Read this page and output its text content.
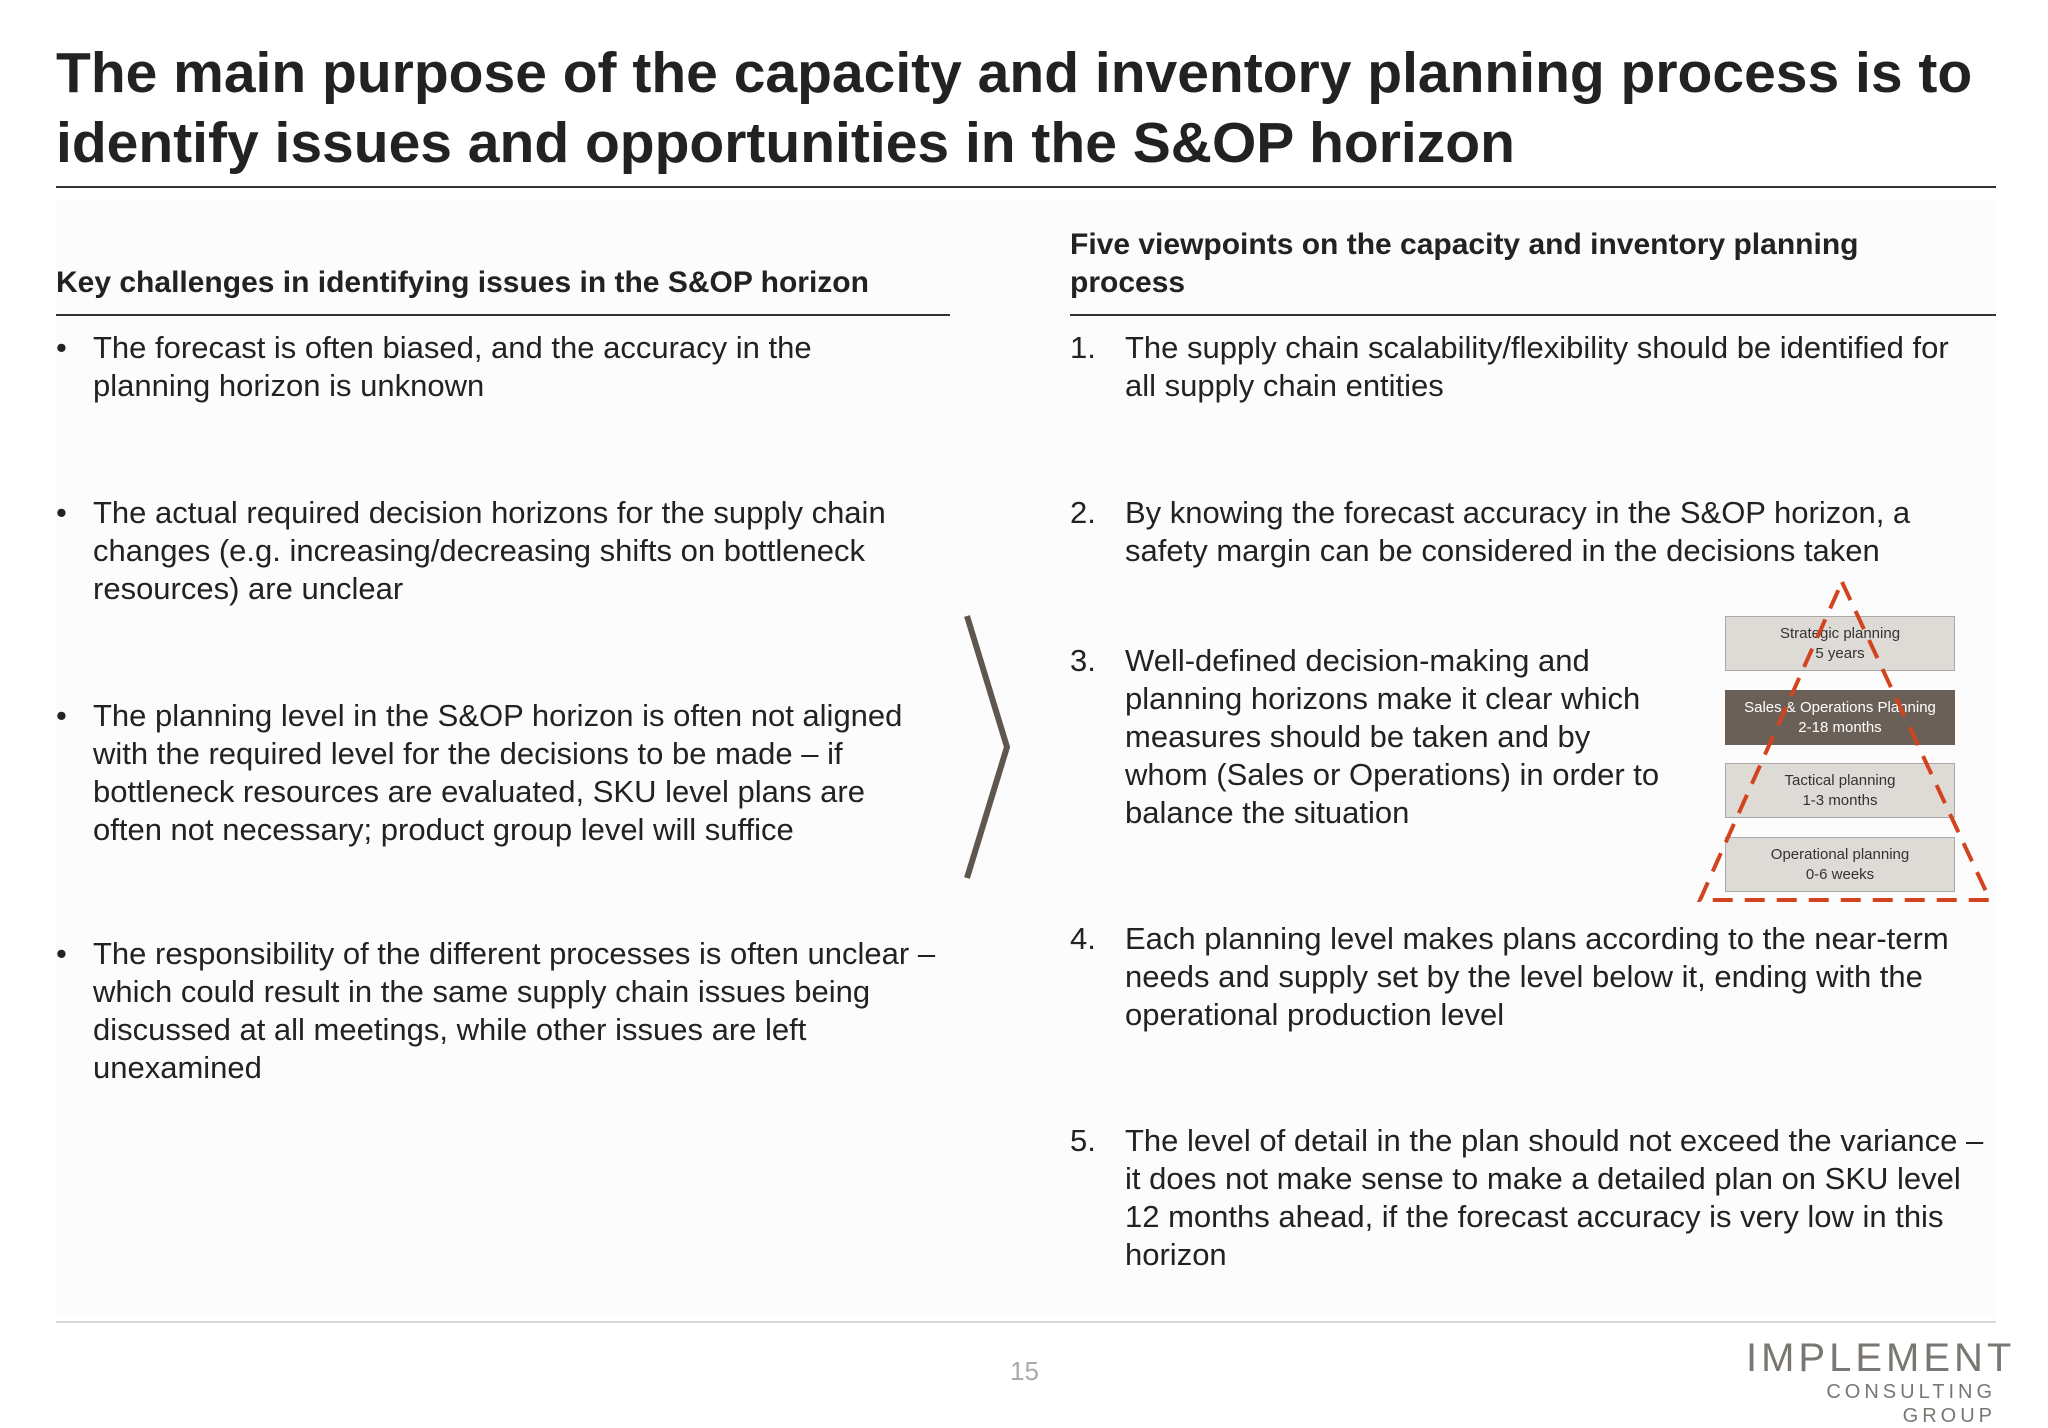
The main purpose of the capacity and inventory planning process is to identify issues and opportunities in the S&OP horizon
Key challenges in identifying issues in the S&OP horizon
• The forecast is often biased, and the accuracy in the planning horizon is unknown
• The actual required decision horizons for the supply chain changes (e.g. increasing/decreasing shifts on bottleneck resources) are unclear
• The planning level in the S&OP horizon is often not aligned with the required level for the decisions to be made – if bottleneck resources are evaluated, SKU level plans are often not necessary; product group level will suffice
• The responsibility of the different processes is often unclear – which could result in the same supply chain issues being discussed at all meetings, while other issues are left unexamined
Five viewpoints on the capacity and inventory planning process
1. The supply chain scalability/flexibility should be identified for all supply chain entities
2. By knowing the forecast accuracy in the S&OP horizon, a safety margin can be considered in the decisions taken
3. Well-defined decision-making and planning horizons make it clear which measures should be taken and by whom (Sales or Operations) in order to balance the situation
4. Each planning level makes plans according to the near-term needs and supply set by the level below it, ending with the operational production level
5. The level of detail in the plan should not exceed the variance – it does not make sense to make a detailed plan on SKU level 12 months ahead, if the forecast accuracy is very low in this horizon
Strategic planning
5 years
Sales & Operations Planning
2-18 months
Tactical planning
1-3 months
Operational planning
0-6 weeks
15	IMPLEMENT
CONSULTING GROUP
